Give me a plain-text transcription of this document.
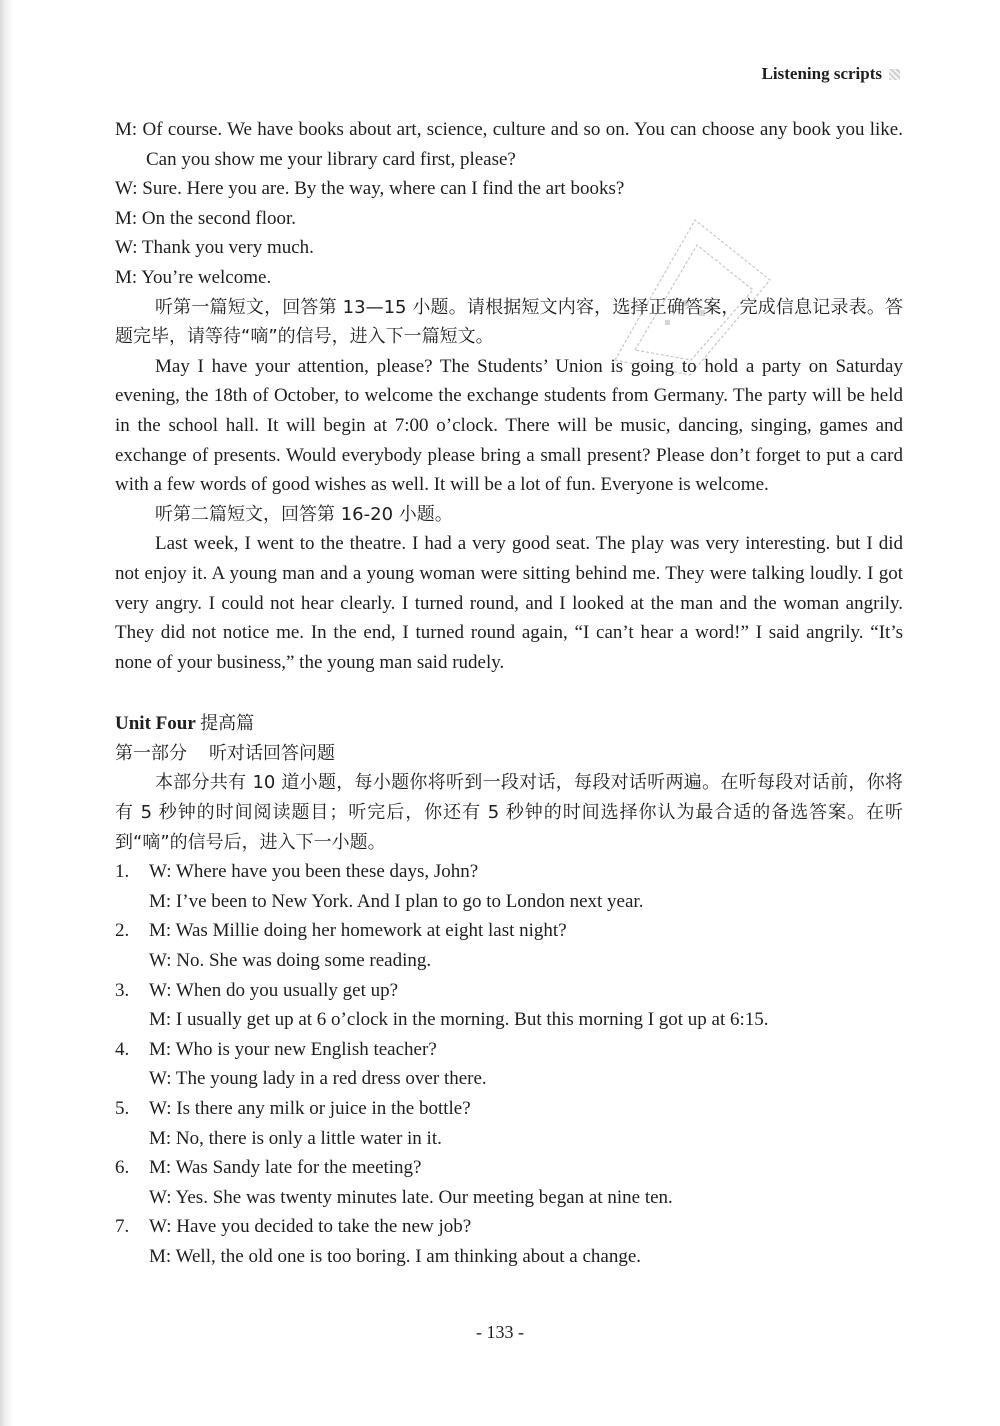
Listening scripts

M: Of course. We have books about art, science, culture and so on. You can choose any book you like. Can you show me your library card first, please?

W: Sure. Here you are. By the way, where can I find the art books?

M: On the second floor.

W: Thank you very much.

M: You’re welcome.

听第一篇短文，回答第 13—15 小题。请根据短文内容，选择正确答案，完成信息记录表。答题完毕，请等待“嘀”的信号，进入下一篇短文。

May I have your attention, please? The Students’ Union is going to hold a party on Saturday evening, the 18th of October, to welcome the exchange students from Germany. The party will be held in the school hall. It will begin at 7:00 o’clock. There will be music, dancing, singing, games and exchange of presents. Would everybody please bring a small present? Please don’t forget to put a card with a few words of good wishes as well. It will be a lot of fun. Everyone is welcome.

听第二篇短文，回答第 16-20 小题。

Last week, I went to the theatre. I had a very good seat. The play was very interesting. but I did not enjoy it. A young man and a young woman were sitting behind me. They were talking loudly. I got very angry. I could not hear clearly. I turned round, and I looked at the man and the woman angrily. They did not notice me. In the end, I turned round again, “I can’t hear a word!” I said angrily. “It’s none of your business,” the young man said rudely.

Unit Four 提高篇

第一部分 听对话回答问题

本部分共有 10 道小题，每小题你将听到一段对话，每段对话听两遍。在听每段对话前，你将有 5 秒钟的时间阅读题目；听完后，你还有 5 秒钟的时间选择你认为最合适的备选答案。在听到“嘀”的信号后，进入下一小题。

1. W: Where have you been these days, John?
M: I’ve been to New York. And I plan to go to London next year.
2. M: Was Millie doing her homework at eight last night?
W: No. She was doing some reading.
3. W: When do you usually get up?
M: I usually get up at 6 o’clock in the morning. But this morning I got up at 6:15.
4. M: Who is your new English teacher?
W: The young lady in a red dress over there.
5. W: Is there any milk or juice in the bottle?
M: No, there is only a little water in it.
6. M: Was Sandy late for the meeting?
W: Yes. She was twenty minutes late. Our meeting began at nine ten.
7. W: Have you decided to take the new job?
M: Well, the old one is too boring. I am thinking about a change.
- 133 -
